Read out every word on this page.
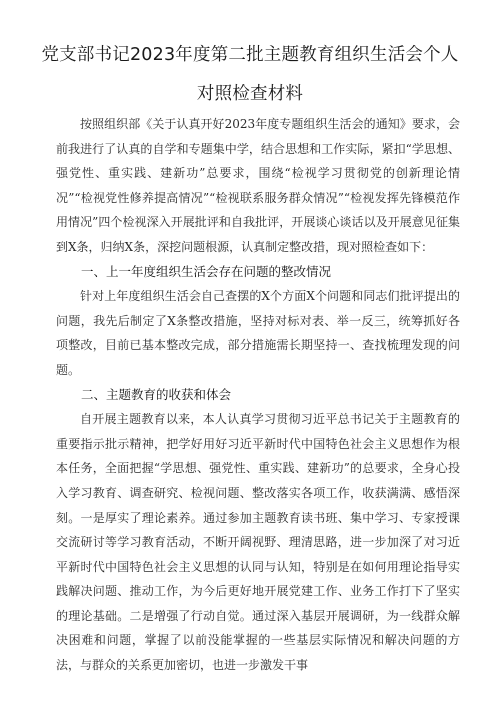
党支部书记2023年度第二批主题教育组织生活会个人
对照检查材料

按照组织部《关于认真开好2023年度专题组织生活会的通知》要求，会前我进行了认真的自学和专题集中学，结合思想和工作实际，紧扣“学思想、强党性、重实践、建新功”总要求，围绕“检视学习贯彻党的创新理论情况”“检视党性修养提高情况”“检视联系服务群众情况”“检视发挥先锋模范作用情况”四个检视深入开展批评和自我批评，开展谈心谈话以及开展意见征集到X条，归纳X条，深挖问题根源，认真制定整改措，现对照检查如下：

一、上一年度组织生活会存在问题的整改情况

针对上年度组织生活会自己查摆的X个方面X个问题和同志们批评提出的问题，我先后制定了X条整改措施，坚持对标对表、举一反三，统筹抓好各项整改，目前已基本整改完成，部分措施需长期坚持一、查找梳理发现的问题。

二、主题教育的收获和体会

自开展主题教育以来，本人认真学习贯彻习近平总书记关于主题教育的重要指示批示精神，把学好用好习近平新时代中国特色社会主义思想作为根本任务，全面把握“学思想、强党性、重实践、建新功”的总要求，全身心投入学习教育、调查研究、检视问题、整改落实各项工作，收获满满、感悟深刻。一是厚实了理论素养。通过参加主题教育读书班、集中学习、专家授课交流研讨等学习教育活动，不断开阔视野、理清思路，进一步加深了对习近平新时代中国特色社会主义思想的认同与认知，特别是在如何用理论指导实践解决问题、推动工作，为今后更好地开展党建工作、业务工作打下了坚实的理论基础。二是增强了行动自觉。通过深入基层开展调研，为一线群众解决困难和问题，掌握了以前没能掌握的一些基层实际情况和解决问题的方法，与群众的关系更加密切，也进一步激发干事
